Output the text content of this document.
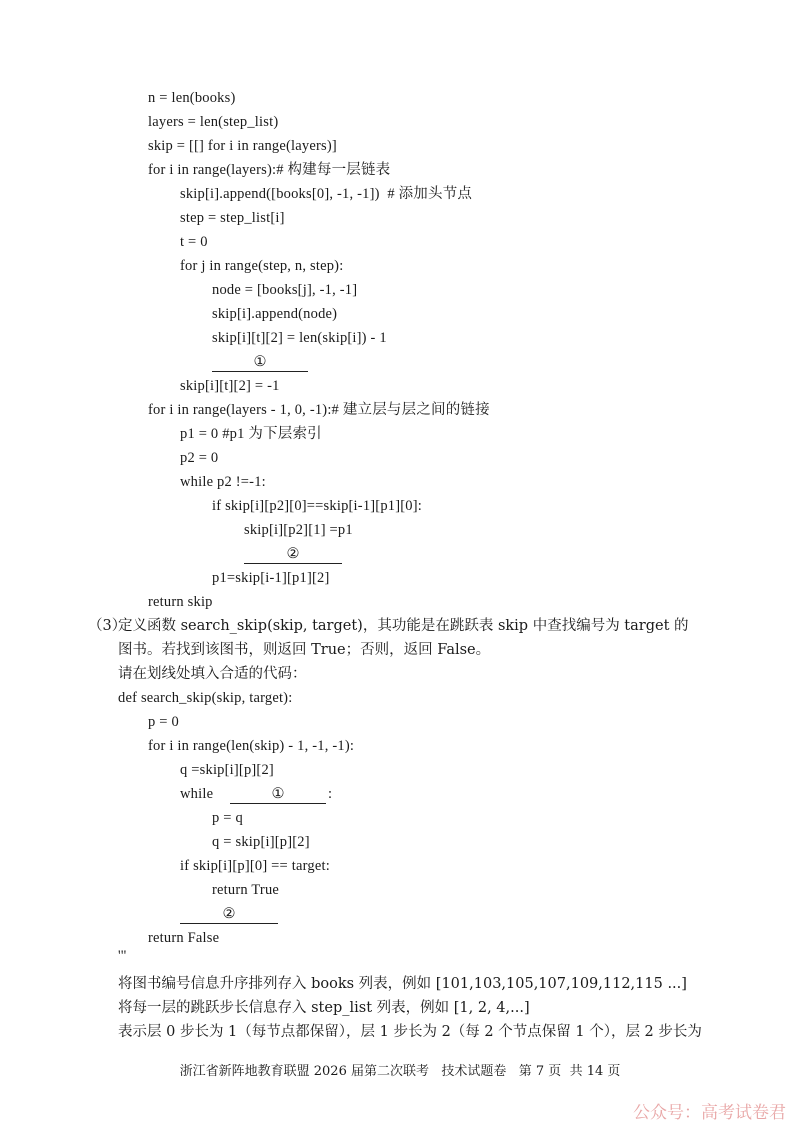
n = len(books)
layers = len(step_list)
skip = [[] for i in range(layers)]
for i in range(layers):# 构建每一层链表
skip[i].append([books[0], -1, -1])  # 添加头节点
step = step_list[i]
t = 0
for j in range(step, n, step):
node = [books[j], -1, -1]
skip[i].append(node)
skip[i][t][2] = len(skip[i]) - 1
①
skip[i][t][2] = -1
for i in range(layers - 1, 0, -1):# 建立层与层之间的链接
p1 = 0 #p1 为下层索引
p2 = 0
while p2 !=-1:
if skip[i][p2][0]==skip[i-1][p1][0]:
skip[i][p2][1] =p1
②
p1=skip[i-1][p1][2]
return skip
（3）
定义函数 search_skip(skip, target)，其功能是在跳跃表 skip 中查找编号为 target 的
图书。若找到该图书，则返回 True；否则，返回 False。
请在划线处填入合适的代码：
def search_skip(skip, target):
p = 0
for i in range(len(skip) - 1, -1, -1):
q =skip[i][p][2]
while	①	:
p = q
q = skip[i][p][2]
if skip[i][p][0] == target:
return True
②
return False
'''
将图书编号信息升序排列存入 books 列表，例如 [101,103,105,107,109,112,115 ...]
将每一层的跳跃步长信息存入 step_list 列表，例如 [1, 2, 4,...]
表示层 0 步长为 1（每节点都保留），层 1 步长为 2（每 2 个节点保留 1 个），层 2 步长为
浙江省新阵地教育联盟 2026 届第二次联考   技术试题卷   第 7 页  共 14 页
公众号：高考试卷君
